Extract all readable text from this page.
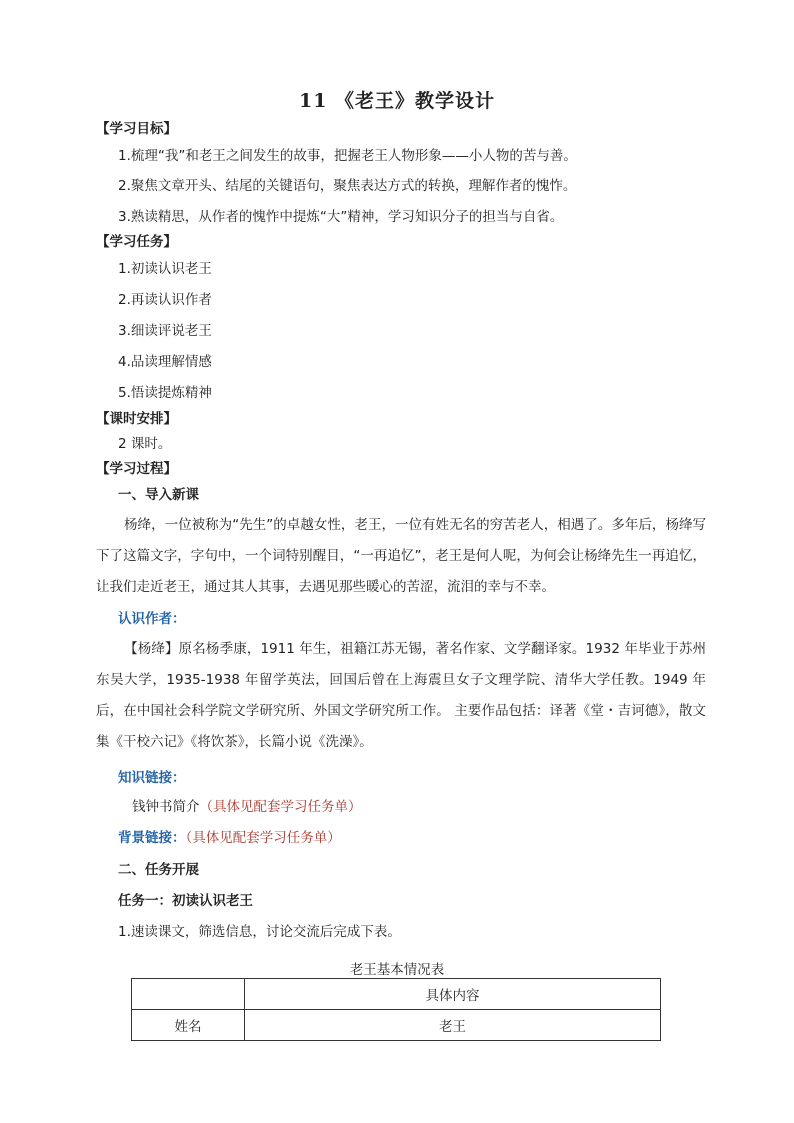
11 《老王》教学设计
【学习目标】
1.梳理“我”和老王之间发生的故事，把握老王人物形象——小人物的苦与善。
2.聚焦文章开头、结尾的关键语句，聚焦表达方式的转换，理解作者的愧怍。
3.熟读精思，从作者的愧怍中提炼“大”精神，学习知识分子的担当与自省。
【学习任务】
1.初读认识老王
2.再读认识作者
3.细读评说老王
4.品读理解情感
5.悟读提炼精神
【课时安排】
2 课时。
【学习过程】
一、导入新课
杨绛，一位被称为“先生”的卓越女性，老王，一位有姓无名的穷苦老人，相遇了。多年后，杨绛写下了这篇文字，字句中，一个词特别醒目，“一再追忆”，老王是何人呢，为何会让杨绛先生一再追忆，让我们走近老王，通过其人其事，去遇见那些暖心的苦涩，流泪的幸与不幸。
认识作者：
【杨绛】原名杨季康，1911 年生，祖籍江苏无锡，著名作家、文学翻译家。1932 年毕业于苏州东吴大学，1935-1938 年留学英法，回国后曾在上海震旦女子文理学院、清华大学任教。1949 年后，在中国社会科学院文学研究所、外国文学研究所工作。 主要作品包括：译著《堂・吉诃德》，散文集《干校六记》《将饮茶》，长篇小说《洗澡》。
知识链接：
钱钟书简介（具体见配套学习任务单）
背景链接：（具体见配套学习任务单）
二、任务开展
任务一：初读认识老王
1.速读课文，筛选信息，讨论交流后完成下表。
老王基本情况表
	具体内容
姓名	老王
